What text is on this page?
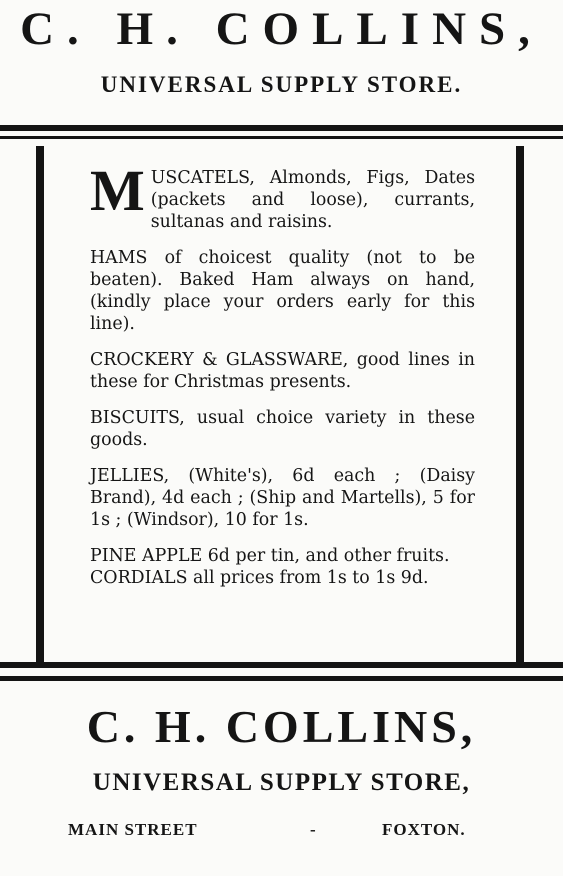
C. H. COLLINS,
UNIVERSAL SUPPLY STORE.

MUSCATELS, Almonds, Figs, Dates (packets and loose), currants, sultanas and raisins.

HAMS of choicest quality (not to be beaten). Baked Ham always on hand, (kindly place your orders early for this line).

CROCKERY & GLASSWARE, good lines in these for Christmas presents.

BISCUITS, usual choice variety in these goods.

JELLIES, (White's), 6d each ; (Daisy Brand), 4d each ; (Ship and Martells), 5 for 1s ; (Windsor), 10 for 1s.

PINE APPLE 6d per tin, and other fruits.

CORDIALS all prices from 1s to 1s 9d.

C. H. COLLINS,
UNIVERSAL SUPPLY STORE,
MAIN STREET	-	FOXTON.
